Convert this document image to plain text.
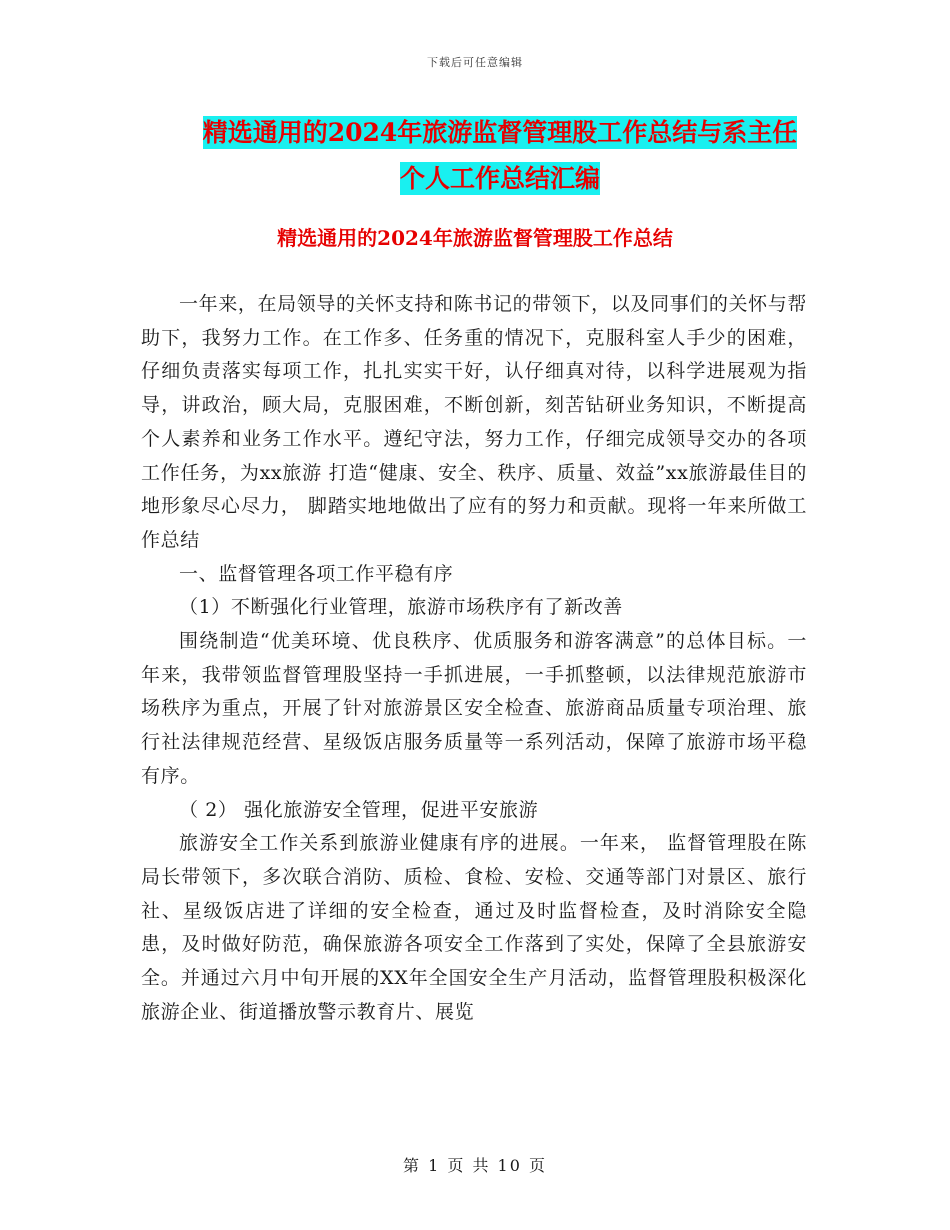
下载后可任意编辑
精选通用的2024年旅游监督管理股工作总结与系主任
个人工作总结汇编
精选通用的2024年旅游监督管理股工作总结

一年来，在局领导的关怀支持和陈书记的带领下，以及同事们的关怀与帮助下，我努力工作。在工作多、任务重的情况下，克服科室人手少的困难，仔细负责落实每项工作，扎扎实实干好，认仔细真对待，以科学进展观为指导，讲政治，顾大局，克服困难，不断创新，刻苦钻研业务知识，不断提高个人素养和业务工作水平。遵纪守法，努力工作，仔细完成领导交办的各项工作任务，为xx旅游 打造“健康、安全、秩序、质量、效益”xx旅游最佳目的地形象尽心尽力， 脚踏实地地做出了应有的努力和贡献。现将一年来所做工作总结

一、监督管理各项工作平稳有序

（1）不断强化行业管理，旅游市场秩序有了新改善

围绕制造“优美环境、优良秩序、优质服务和游客满意”的总体目标。一年来，我带领监督管理股坚持一手抓进展，一手抓整顿，以法律规范旅游市场秩序为重点，开展了针对旅游景区安全检查、旅游商品质量专项治理、旅行社法律规范经营、星级饭店服务质量等一系列活动，保障了旅游市场平稳有序。

（ 2） 强化旅游安全管理，促进平安旅游

旅游安全工作关系到旅游业健康有序的进展。一年来， 监督管理股在陈局长带领下，多次联合消防、质检、食检、安检、交通等部门对景区、旅行社、星级饭店进了详细的安全检查，通过及时监督检查，及时消除安全隐患，及时做好防范，确保旅游各项安全工作落到了实处，保障了全县旅游安全。并通过六月中旬开展的XX年全国安全生产月活动，监督管理股积极深化旅游企业、街道播放警示教育片、展览

第 1 页 共 10 页
